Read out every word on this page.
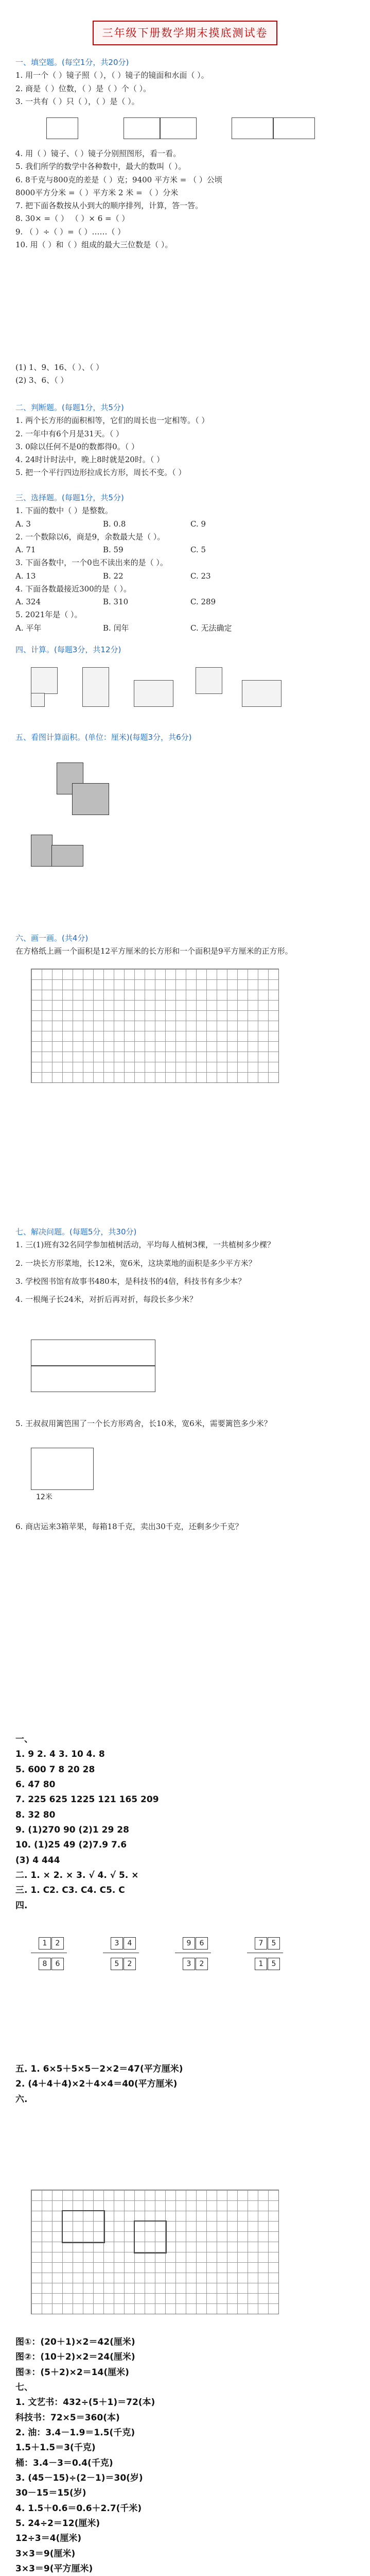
三年级下册数学期末摸底测试卷
一、填空题。(每空1分，共20分)
1. 用一个（ ）镜子照（ ），（ ）镜子的镜面和水面（ ）。
2. 商是（ ）位数，（ ）是（ ）个（ ）。
3. 一共有（ ）只（ ），（ ）是（ ）。
4. 用（ ）镜子、（ ）镜子分别照图形，看一看。
5. 我们所学的数学中各种数中，最大的数叫（ ）。
6. 8千克与800克的差是（ ）克；9400 平方米 = （ ）公顷
8000平方分米 =（ ）平方米 2 米 = （ ）分米
7. 把下面各数按从小到大的顺序排列，计算，答一答。
8. 30× =（ ） （ ）× 6 =（ ）
9. （ ）÷（ ）=（ ）……（ ）
10. 用（ ）和（ ）组成的最大三位数是（ ）。
(1) 1、9、16、（ ）、（ ）
(2) 3、6、（ ）
二、判断题。(每题1分，共5分)
1. 两个长方形的面积相等，它们的周长也一定相等。（ ）
2. 一年中有6个月是31天。（ ）
3. 0除以任何不是0的数都得0。（ ）
4. 24时计时法中，晚上8时就是20时。（ ）
5. 把一个平行四边形拉成长方形，周长不变。（ ）
三、选择题。(每题1分，共5分)
1. 下面的数中（ ）是整数。
A. 3	B. 0.8	C. 9
2. 一个数除以6，商是9，余数最大是（ ）。
A. 71	B. 59	C. 5
3. 下面各数中，一个0也不读出来的是（ ）。
A. 13	B. 22	C. 23
4. 下面各数最接近300的是（ ）。
A. 324	B. 310	C. 289
5. 2021年是（ ）。
A. 平年	B. 闰年	C. 无法确定
四、计算。(每题3分，共12分)
五、看图计算面积。(单位：厘米)(每题3分，共6分)
六、画一画。(共4分)
在方格纸上画一个面积是12平方厘米的长方形和一个面积是9平方厘米的正方形。
七、解决问题。(每题5分，共30分)
1. 三(1)班有32名同学参加植树活动，平均每人植树3棵，一共植树多少棵？
2. 一块长方形菜地，长12米，宽6米，这块菜地的面积是多少平方米？
3. 学校图书馆有故事书480本，是科技书的4倍，科技书有多少本？
4. 一根绳子长24米，对折后再对折，每段长多少米？
5. 王叔叔用篱笆围了一个长方形鸡舍，长10米，宽6米，需要篱笆多少米？
12米
6. 商店运来3箱苹果，每箱18千克，卖出30千克，还剩多少千克？
一、
1. 9 2. 4 3. 10 4. 8
5. 600 7 8 20 28
6. 47 80
7. 225 625 1225 121 165 209
8. 32 80
9. (1)270 90 (2)1 29 28
10. (1)25 49 (2)7.9 7.6
(3) 4 444
二. 1. × 2. × 3. √ 4. √ 5. ×
三. 1. C2. C3. C4. C5. C
四.
1	2
8	6
3	4
5	2
9	6
3	2
7	5
1	5
五. 1. 6×5＋5×5－2×2＝47(平方厘米)
2. (4＋4＋4)×2＋4×4＝40(平方厘米)
六.
图①：(20＋1)×2＝42(厘米)
图②：(10＋2)×2＝24(厘米)
图③：(5＋2)×2＝14(厘米)
七、
1. 文艺书：432÷(5＋1)＝72(本)
科技书：72×5＝360(本)
2. 油：3.4－1.9＝1.5(千克)
1.5＋1.5＝3(千克)
桶：3.4－3＝0.4(千克)
3. (45－15)÷(2－1)＝30(岁)
30－15＝15(岁)
4. 1.5＋0.6＝0.6＋2.7(千米)
5. 24÷2＝12(厘米)
12÷3＝4(厘米)
3×3＝9(厘米)
3×3＝9(平方厘米)
